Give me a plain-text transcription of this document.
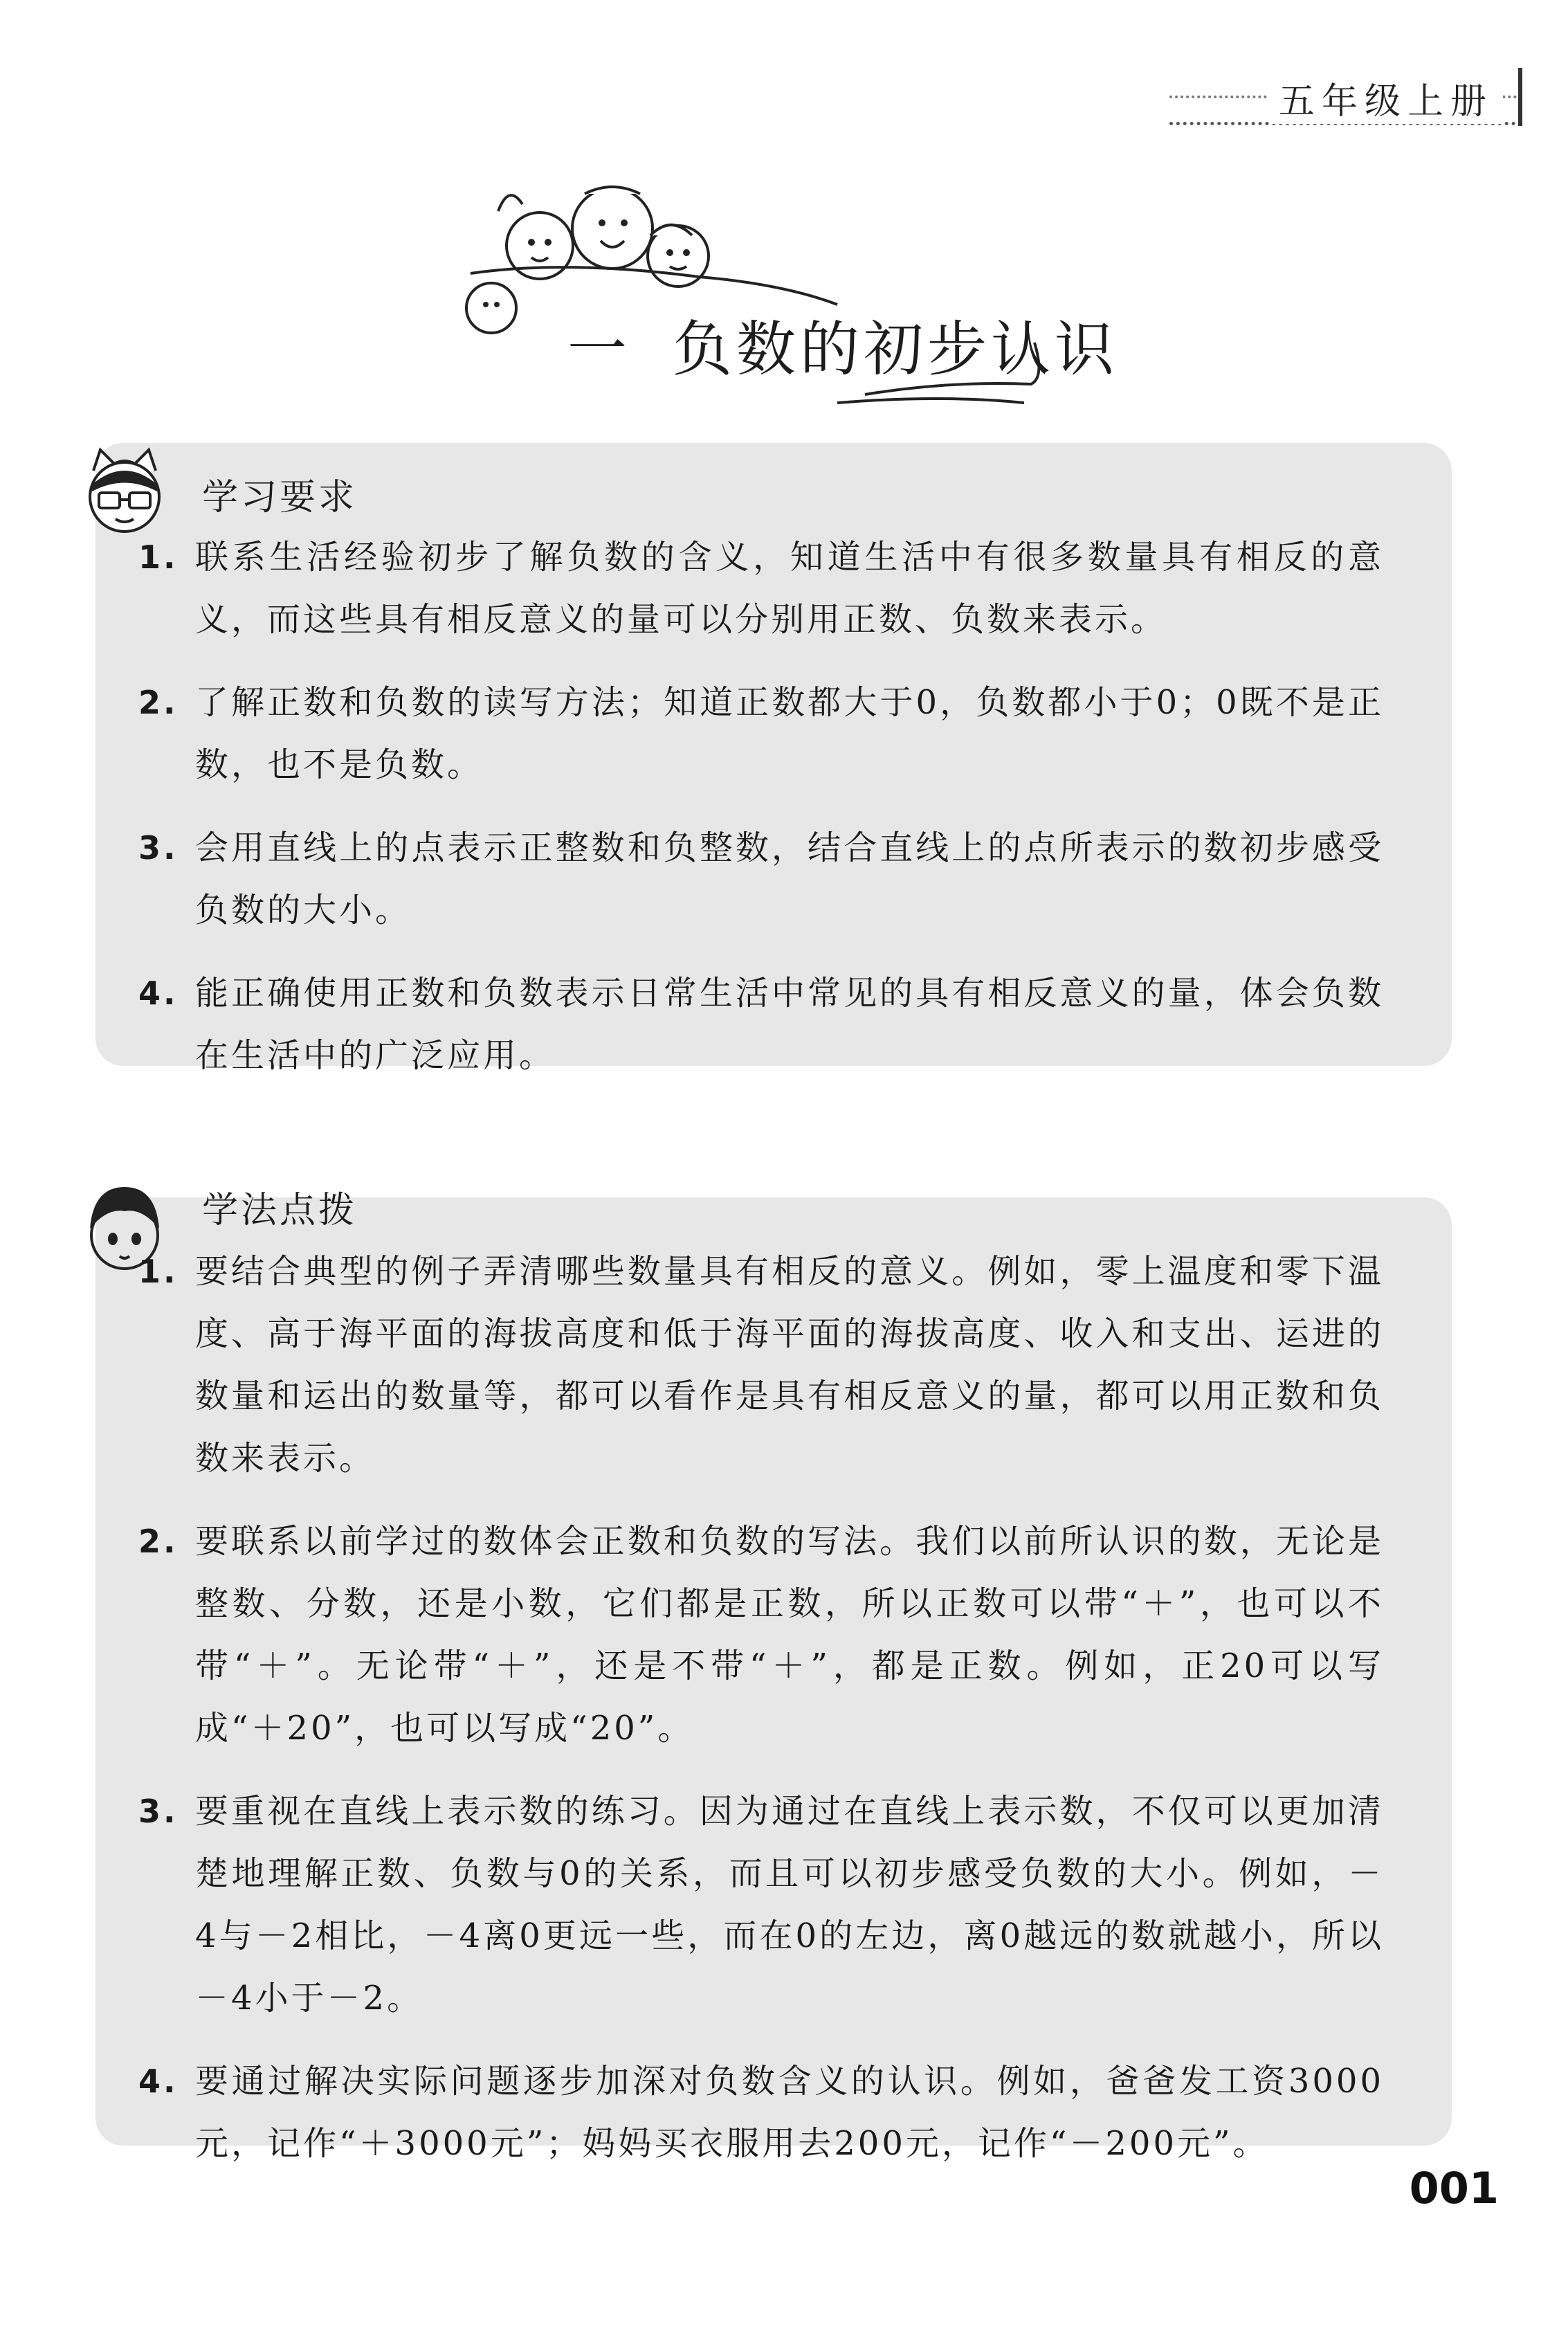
五年级上册
一 负数的初步认识
学习要求
1. 联系生活经验初步了解负数的含义，知道生活中有很多数量具有相反的意义，而这些具有相反意义的量可以分别用正数、负数来表示。
2. 了解正数和负数的读写方法；知道正数都大于0，负数都小于0；0既不是正数，也不是负数。
3. 会用直线上的点表示正整数和负整数，结合直线上的点所表示的数初步感受负数的大小。
4. 能正确使用正数和负数表示日常生活中常见的具有相反意义的量，体会负数在生活中的广泛应用。
学法点拨
1. 要结合典型的例子弄清哪些数量具有相反的意义。例如，零上温度和零下温度、高于海平面的海拔高度和低于海平面的海拔高度、收入和支出、运进的数量和运出的数量等，都可以看作是具有相反意义的量，都可以用正数和负数来表示。
2. 要联系以前学过的数体会正数和负数的写法。我们以前所认识的数，无论是整数、分数，还是小数，它们都是正数，所以正数可以带“＋”，也可以不带“＋”。无论带“＋”，还是不带“＋”，都是正数。例如，正20可以写成“＋20”，也可以写成“20”。
3. 要重视在直线上表示数的练习。因为通过在直线上表示数，不仅可以更加清楚地理解正数、负数与0的关系，而且可以初步感受负数的大小。例如，－4与－2相比，－4离0更远一些，而在0的左边，离0越远的数就越小，所以－4小于－2。
4. 要通过解决实际问题逐步加深对负数含义的认识。例如，爸爸发工资3000元，记作“＋3000元”；妈妈买衣服用去200元，记作“－200元”。
001
